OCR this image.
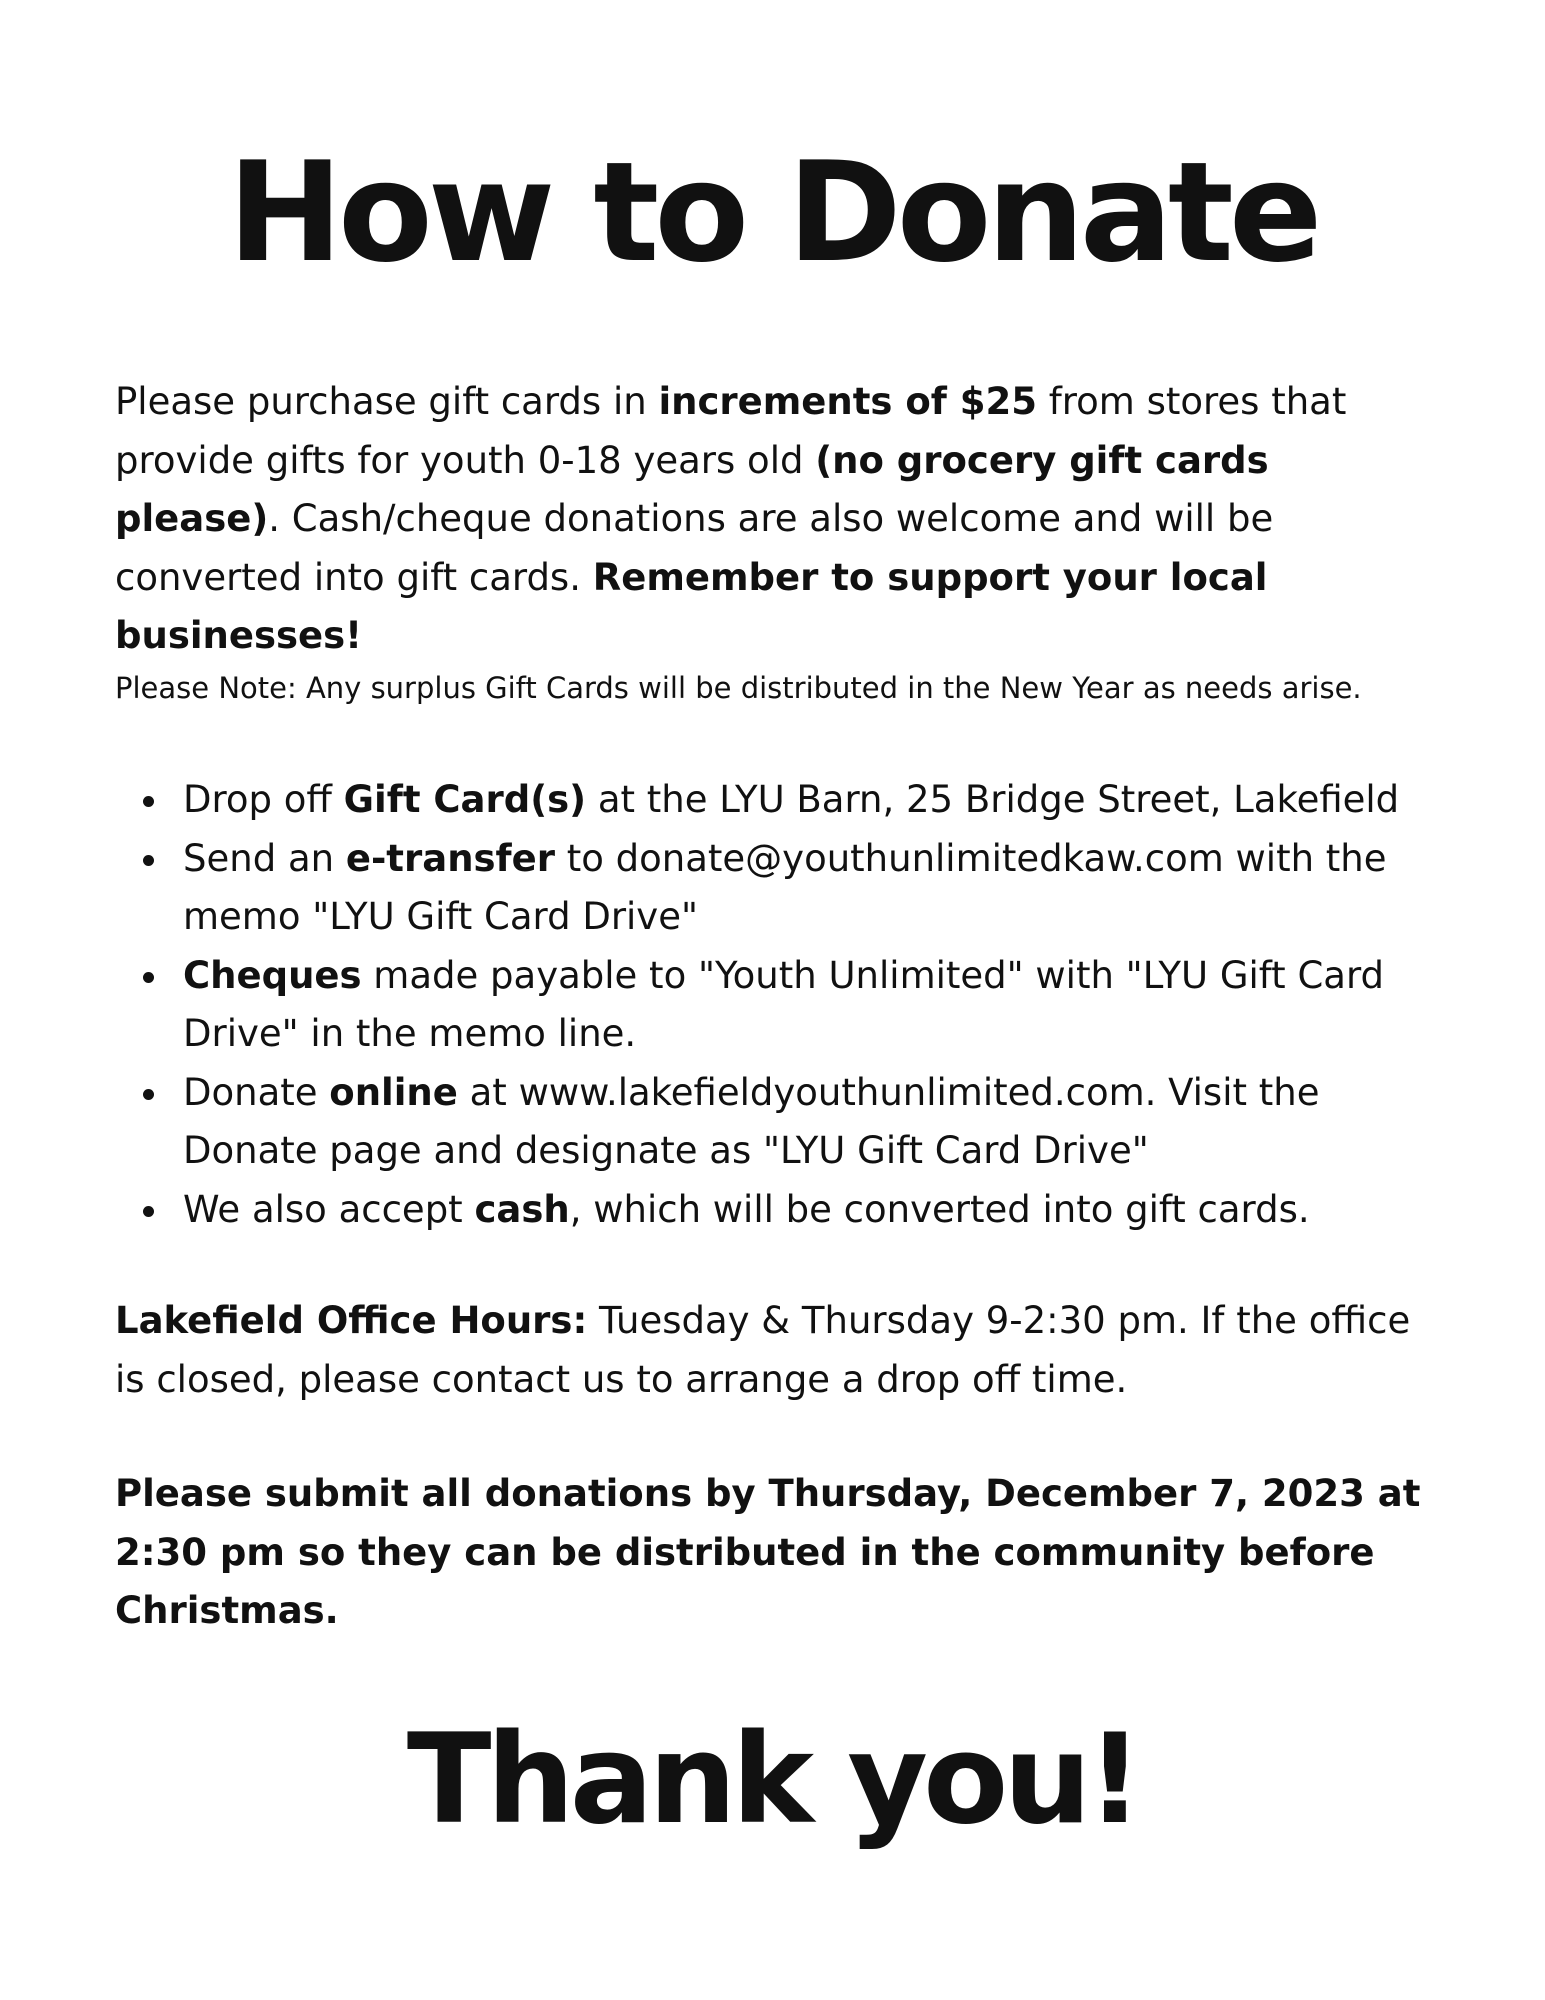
How to Donate

Please purchase gift cards in increments of $25 from stores that provide gifts for youth 0-18 years old (no grocery gift cards please). Cash/cheque donations are also welcome and will be converted into gift cards. Remember to support your local businesses!

Please Note: Any surplus Gift Cards will be distributed in the New Year as needs arise.

Drop off Gift Card(s) at the LYU Barn, 25 Bridge Street, Lakefield
Send an e-transfer to donate@youthunlimitedkaw.com with the memo "LYU Gift Card Drive"
Cheques made payable to "Youth Unlimited" with "LYU Gift Card Drive" in the memo line.
Donate online at www.lakefieldyouthunlimited.com. Visit the Donate page and designate as "LYU Gift Card Drive"
We also accept cash, which will be converted into gift cards.

Lakefield Office Hours: Tuesday & Thursday 9-2:30 pm. If the office is closed, please contact us to arrange a drop off time.

Please submit all donations by Thursday, December 7, 2023 at 2:30 pm so they can be distributed in the community before Christmas.

Thank you!
